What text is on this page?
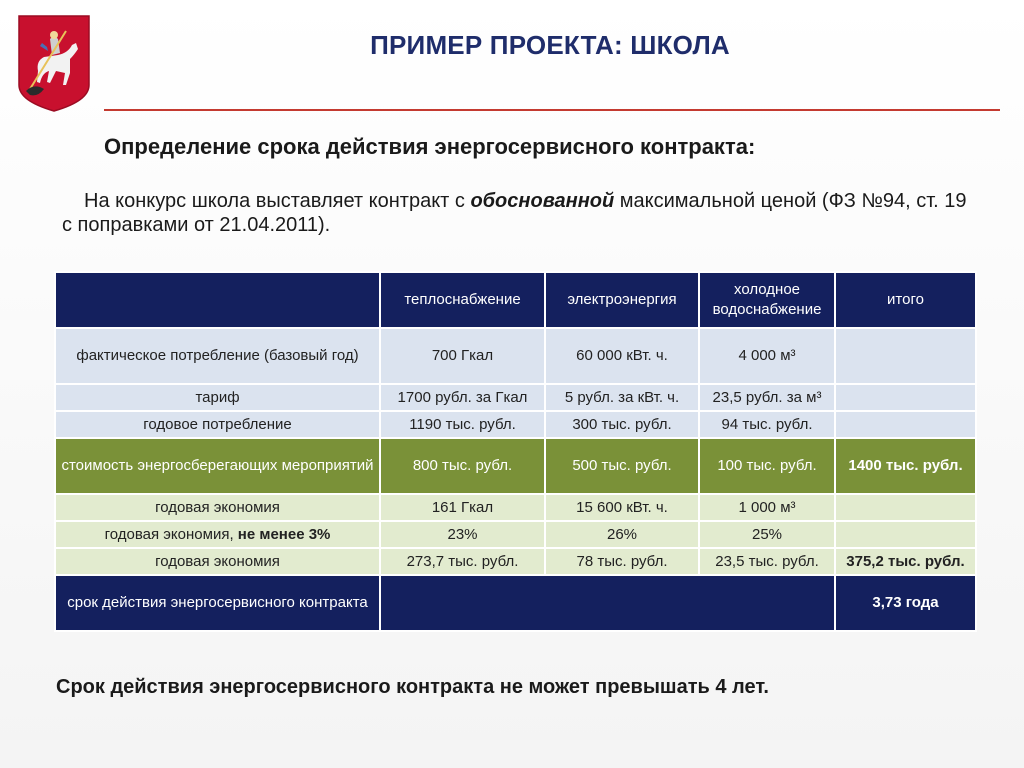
ПРИМЕР ПРОЕКТА: ШКОЛА
Определение срока действия энергосервисного контракта:
На конкурс школа выставляет контракт с обоснованной максимальной ценой (ФЗ №94, ст. 19 с поправками от 21.04.2011).
	теплоснабжение	электроэнергия	холодное водоснабжение	итого
фактическое потребление (базовый год)	700 Гкал	60 000 кВт. ч.	4 000 м³	
тариф	1700 рубл. за Гкал	5 рубл. за кВт. ч.	23,5 рубл. за м³	
годовое потребление	1190 тыс. рубл.	300 тыс. рубл.	94 тыс. рубл.	
стоимость энергосберегающих мероприятий	800 тыс. рубл.	500 тыс. рубл.	100 тыс. рубл.	1400 тыс. рубл.
годовая экономия	161 Гкал	15 600 кВт. ч.	1 000 м³	
годовая экономия, не менее 3%	23%	26%	25%	
годовая экономия	273,7 тыс. рубл.	78 тыс. рубл.	23,5 тыс. рубл.	375,2 тыс. рубл.
срок действия энергосервисного контракта				3,73 года
Срок действия энергосервисного контракта не может превышать 4 лет.
